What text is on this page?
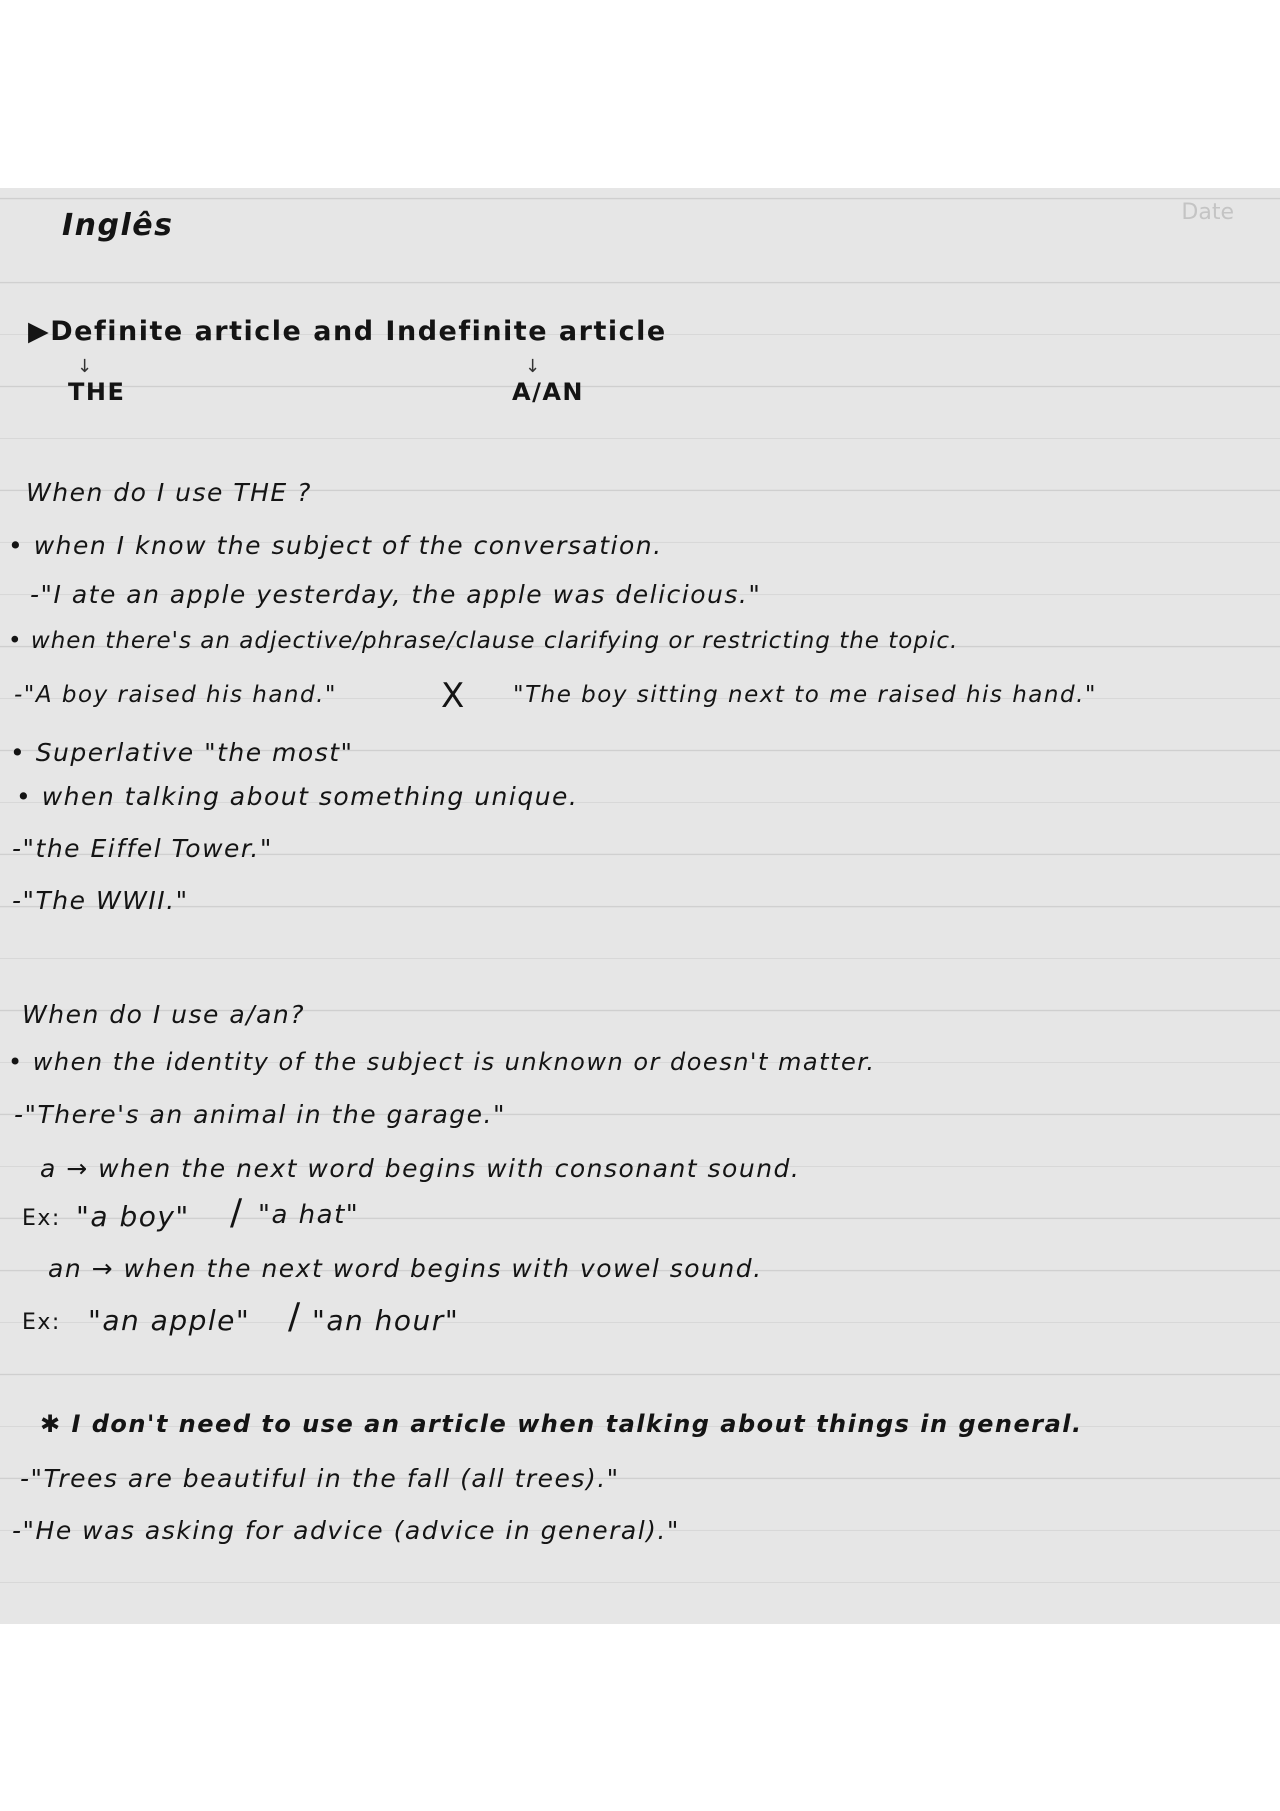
Date

Inglês

▶Definite article and Indefinite article

↓	↓

THE	A/AN

When do I use THE ?

• when I know the subject of the conversation.

-"I ate an apple yesterday, the apple was delicious."

• when there's an adjective/phrase/clause clarifying or restricting the topic.

-"A boy raised his hand."	X "The boy sitting next to me raised his hand."

• Superlative "the most"

• when talking about something unique.

-"the Eiffel Tower."

-"The WWII."

When do I use a/an?

• when the identity of the subject is unknown or doesn't matter.

-"There's an animal in the garage."

a → when the next word begins with consonant sound.

Ex: "a boy" / "a hat"

an → when the next word begins with vowel sound.

Ex: "an apple" / "an hour"

✱ I don't need to use an article when talking about things in general.

-"Trees are beautiful in the fall (all trees)."

-"He was asking for advice (advice in general)."
